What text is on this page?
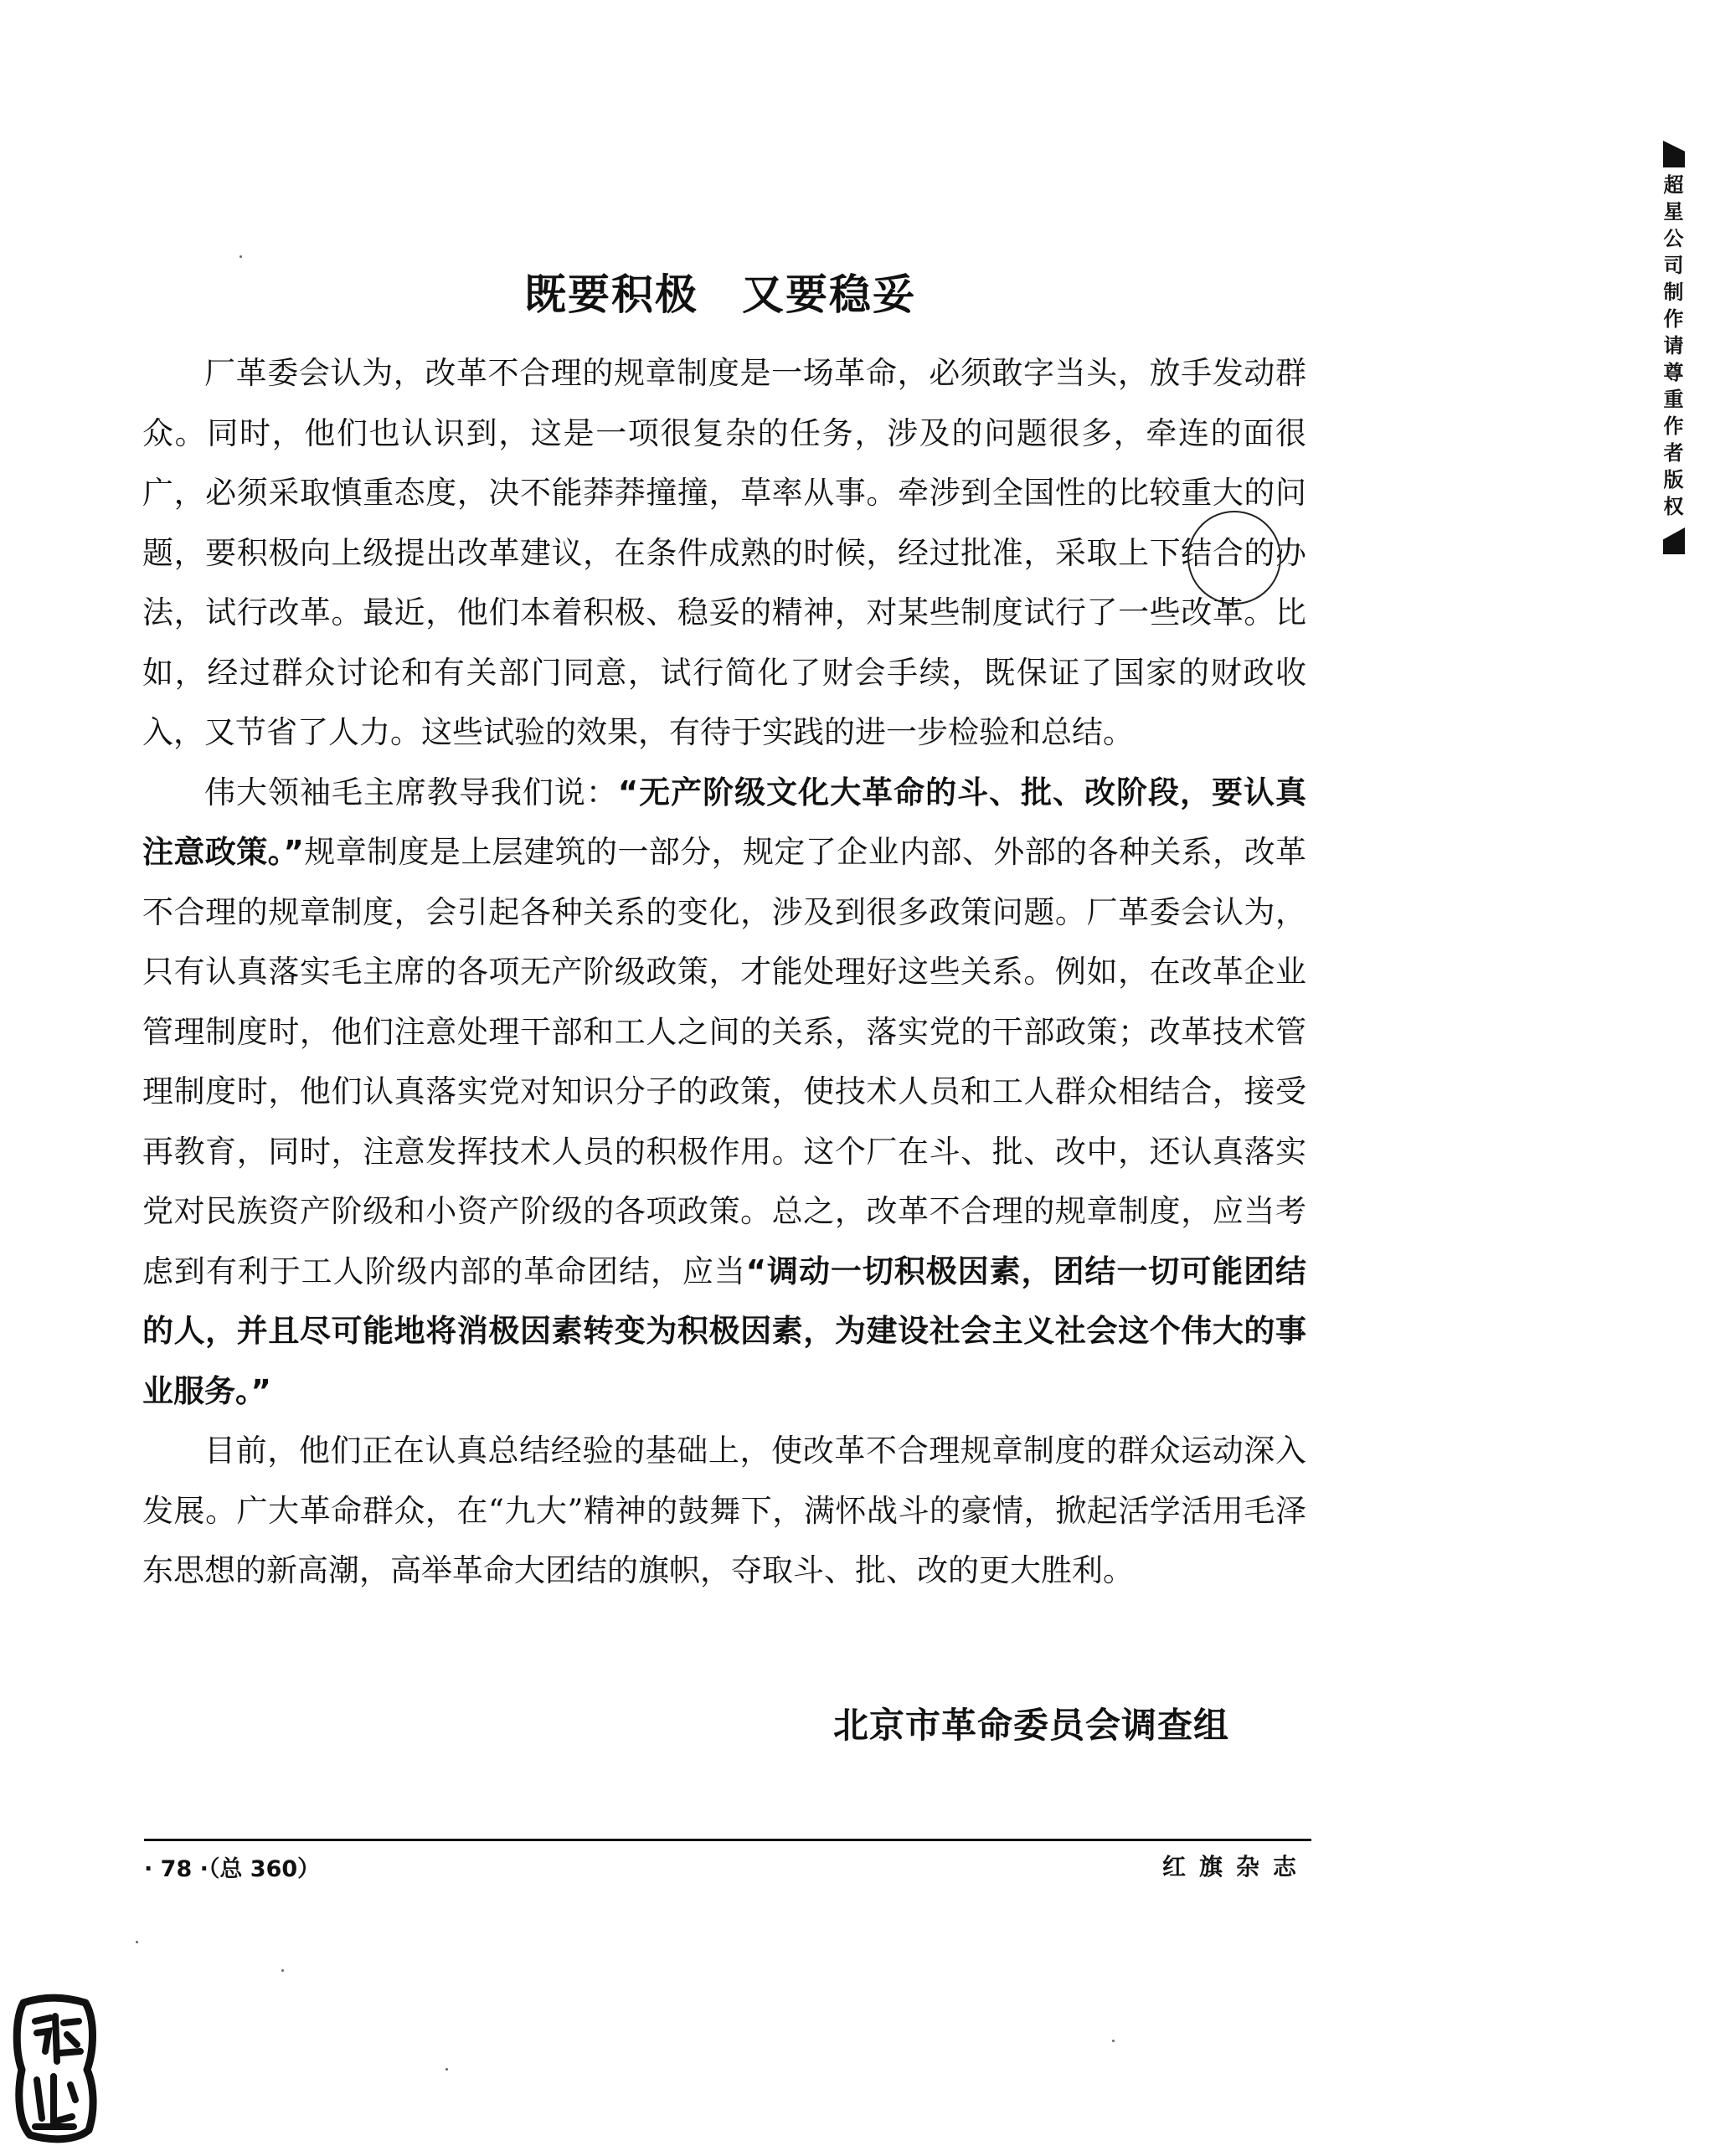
既要积极　又要稳妥

厂革委会认为，改革不合理的规章制度是一场革命，必须敢字当头，放手发动群众。同时，他们也认识到，这是一项很复杂的任务，涉及的问题很多，牵连的面很广，必须采取慎重态度，决不能莽莽撞撞，草率从事。牵涉到全国性的比较重大的问题，要积极向上级提出改革建议，在条件成熟的时候，经过批准，采取上下结合的办法，试行改革。最近，他们本着积极、稳妥的精神，对某些制度试行了一些改革。比如，经过群众讨论和有关部门同意，试行简化了财会手续，既保证了国家的财政收入，又节省了人力。这些试验的效果，有待于实践的进一步检验和总结。

伟大领袖毛主席教导我们说：“无产阶级文化大革命的斗、批、改阶段，要认真注意政策。”规章制度是上层建筑的一部分，规定了企业内部、外部的各种关系，改革不合理的规章制度，会引起各种关系的变化，涉及到很多政策问题。厂革委会认为，只有认真落实毛主席的各项无产阶级政策，才能处理好这些关系。例如，在改革企业管理制度时，他们注意处理干部和工人之间的关系，落实党的干部政策；改革技术管理制度时，他们认真落实党对知识分子的政策，使技术人员和工人群众相结合，接受再教育，同时，注意发挥技术人员的积极作用。这个厂在斗、批、改中，还认真落实党对民族资产阶级和小资产阶级的各项政策。总之，改革不合理的规章制度，应当考虑到有利于工人阶级内部的革命团结，应当“调动一切积极因素，团结一切可能团结的人，并且尽可能地将消极因素转变为积极因素，为建设社会主义社会这个伟大的事业服务。”

目前，他们正在认真总结经验的基础上，使改革不合理规章制度的群众运动深入发展。广大革命群众，在“九大”精神的鼓舞下，满怀战斗的豪情，掀起活学活用毛泽东思想的新高潮，高举革命大团结的旗帜，夺取斗、批、改的更大胜利。

北京市革命委员会调查组
· 78 ·（总 360）	红旗杂志
超星公司制作请尊重作者版权
